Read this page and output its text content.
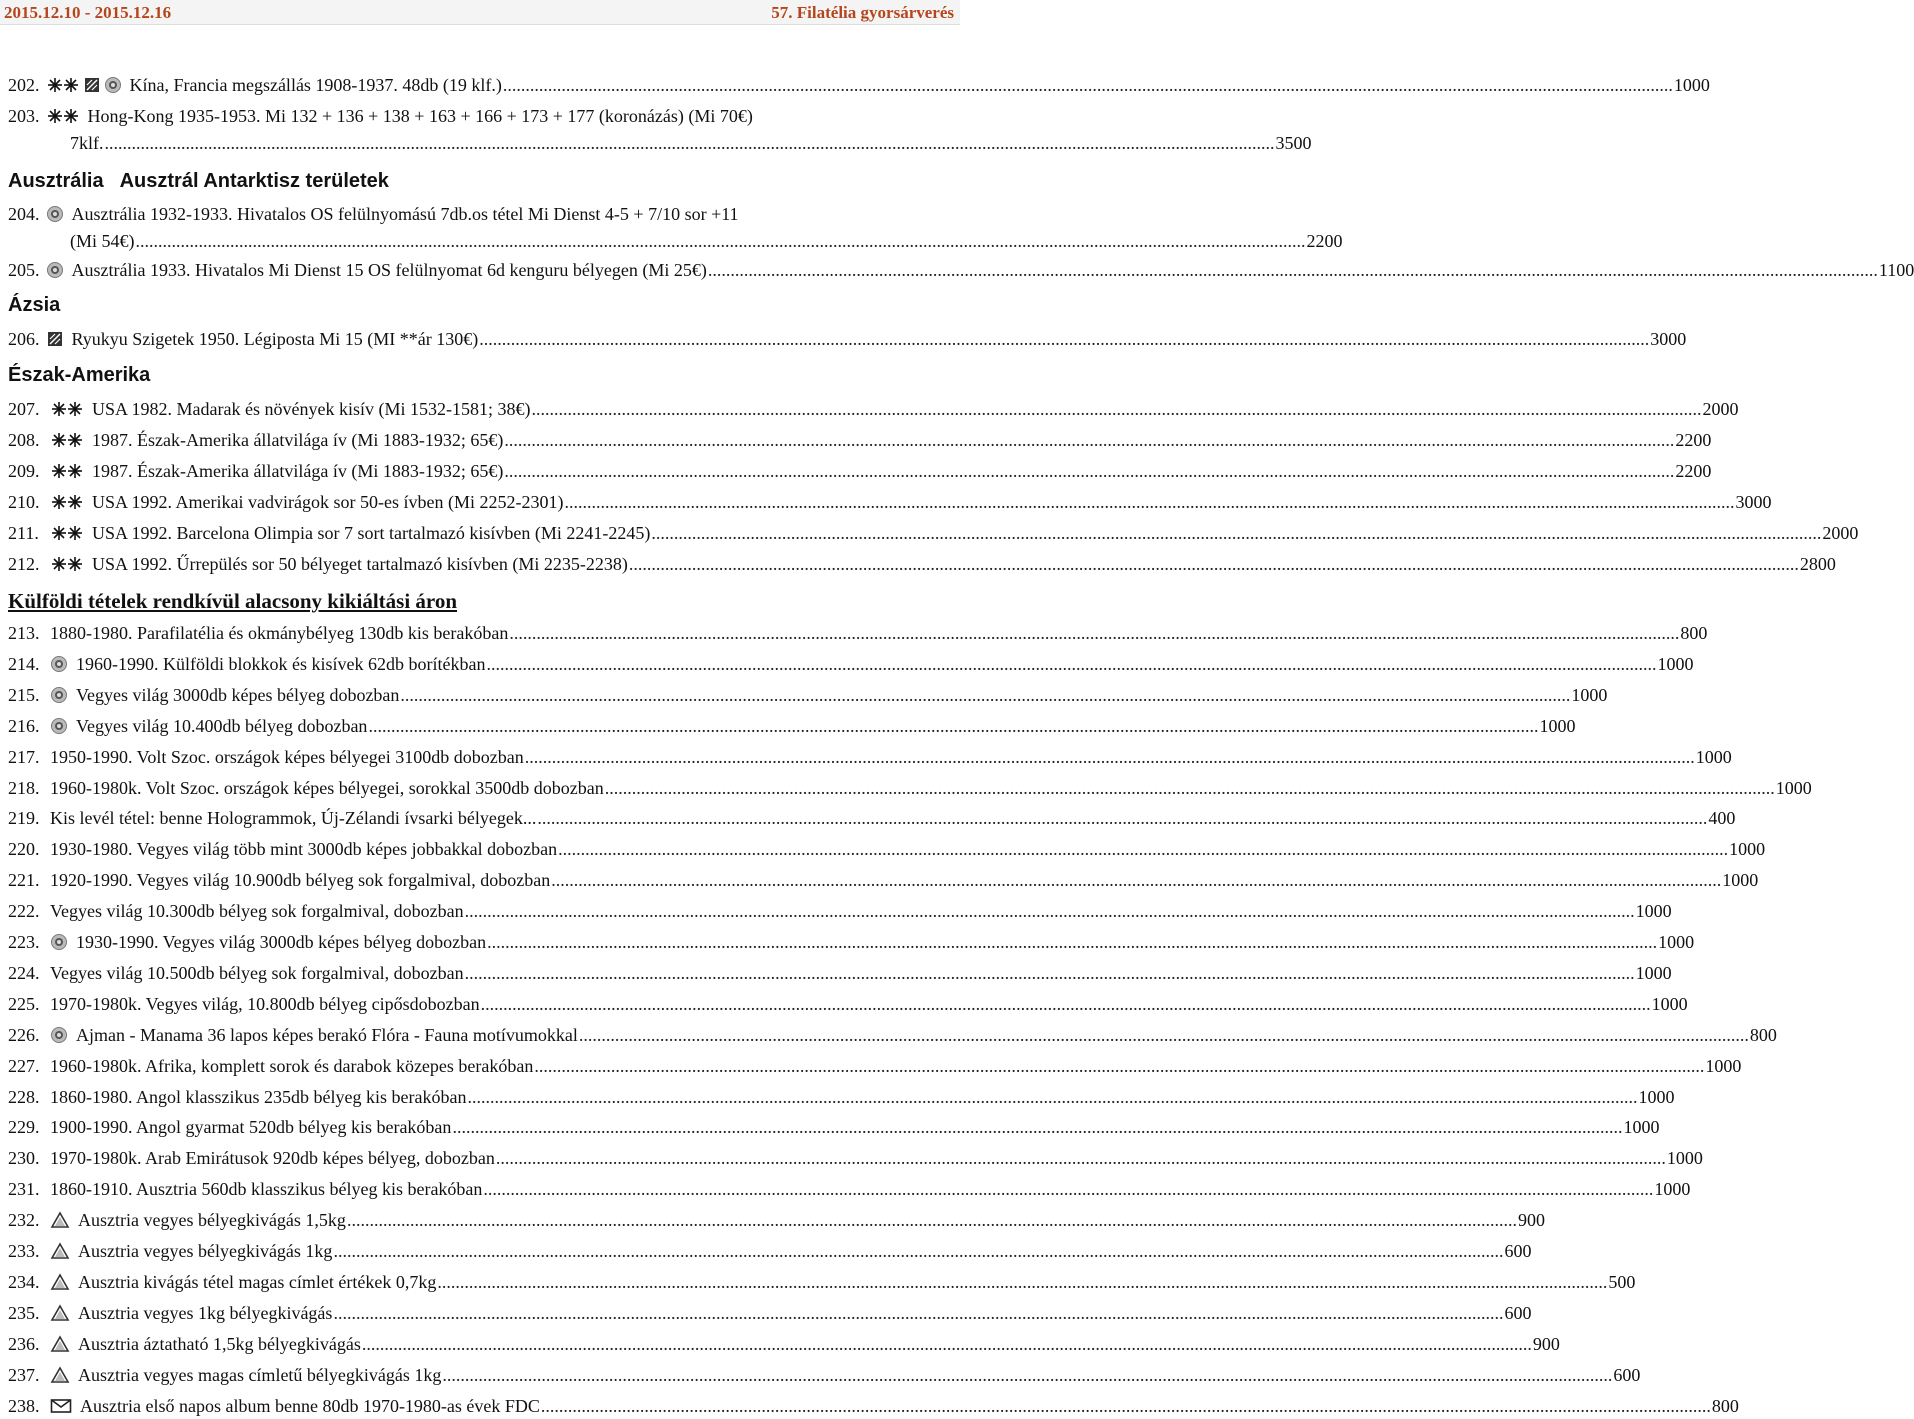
2015.12.10 - 2015.12.16	57. Filatélia gyorsárverés
202.	Kína, Francia megszállás 1908-1937. 48db (19 klf.) .....	1000
203.	Hong-Kong 1935-1953. Mi 132 + 136 + 138 + 163 + 166 + 173 + 177 (koronázás) (Mi 70€)
7klf. .....	3500
Ausztrália Ausztrál Antarktisz területek
204. Ausztrália 1932-1933. Hivatalos OS felülnyomású 7db.os tétel Mi Dienst 4-5 + 7/10 sor +11
(Mi 54€) .....	2200
205. Ausztrália 1933. Hivatalos Mi Dienst 15 OS felülnyomat 6d kenguru bélyegen (Mi 25€) .....	1100
Ázsia
206. Ryukyu Szigetek 1950. Légiposta Mi 15 (MI **ár 130€) .....	3000
Észak-Amerika
207.	USA 1982. Madarak és növények kisív (Mi 1532-1581; 38€) .....	2000
208.	1987. Észak-Amerika állatvilága ív (Mi 1883-1932; 65€) .....	2200
209.	1987. Észak-Amerika állatvilága ív (Mi 1883-1932; 65€) .....	2200
210.	USA 1992. Amerikai vadvirágok sor 50-es ívben (Mi 2252-2301) .....	3000
211.	USA 1992. Barcelona Olimpia sor 7 sort tartalmazó kisívben (Mi 2241-2245) .....	2000
212.	USA 1992. Űrrepülés sor 50 bélyeget tartalmazó kisívben (Mi 2235-2238) .....	2800
Külföldi tételek rendkívül alacsony kikiáltási áron
213. 1880-1980. Parafilatélia és okmánybélyeg 130db kis berakóban .....	800
214. 1960-1990. Külföldi blokkok és kisívek 62db borítékban .....	1000
215. Vegyes világ 3000db képes bélyeg dobozban .....	1000
216. Vegyes világ 10.400db bélyeg dobozban .....	1000
217. 1950-1990. Volt Szoc. országok képes bélyegei 3100db dobozban .....	1000
218. 1960-1980k. Volt Szoc. országok képes bélyegei, sorokkal 3500db dobozban .....	1000
219. Kis levél tétel: benne Hologrammok, Új-Zélandi ívsarki bélyegek... .....	400
220. 1930-1980. Vegyes világ több mint 3000db képes jobbakkal dobozban .....	1000
221. 1920-1990. Vegyes világ 10.900db bélyeg sok forgalmival, dobozban .....	1000
222. Vegyes világ 10.300db bélyeg sok forgalmival, dobozban .....	1000
223. 1930-1990. Vegyes világ 3000db képes bélyeg dobozban .....	1000
224. Vegyes világ 10.500db bélyeg sok forgalmival, dobozban .....	1000
225. 1970-1980k. Vegyes világ, 10.800db bélyeg cipősdobozban .....	1000
226. Ajman - Manama 36 lapos képes berakó Flóra - Fauna motívumokkal .....	800
227. 1960-1980k. Afrika, komplett sorok és darabok közepes berakóban .....	1000
228. 1860-1980. Angol klasszikus 235db bélyeg kis berakóban .....	1000
229. 1900-1990. Angol gyarmat 520db bélyeg kis berakóban .....	1000
230. 1970-1980k. Arab Emirátusok 920db képes bélyeg, dobozban .....	1000
231. 1860-1910. Ausztria 560db klasszikus bélyeg kis berakóban .....	1000
232. Ausztria vegyes bélyegkivágás 1,5kg .....	900
233. Ausztria vegyes bélyegkivágás 1kg .....	600
234. Ausztria kivágás tétel magas címlet értékek 0,7kg .....	500
235. Ausztria vegyes 1kg bélyegkivágás .....	600
236. Ausztria áztatható 1,5kg bélyegkivágás .....	900
237. Ausztria vegyes magas címletű bélyegkivágás 1kg .....	600
238. Ausztria első napos album benne 80db 1970-1980-as évek FDC .....	800
